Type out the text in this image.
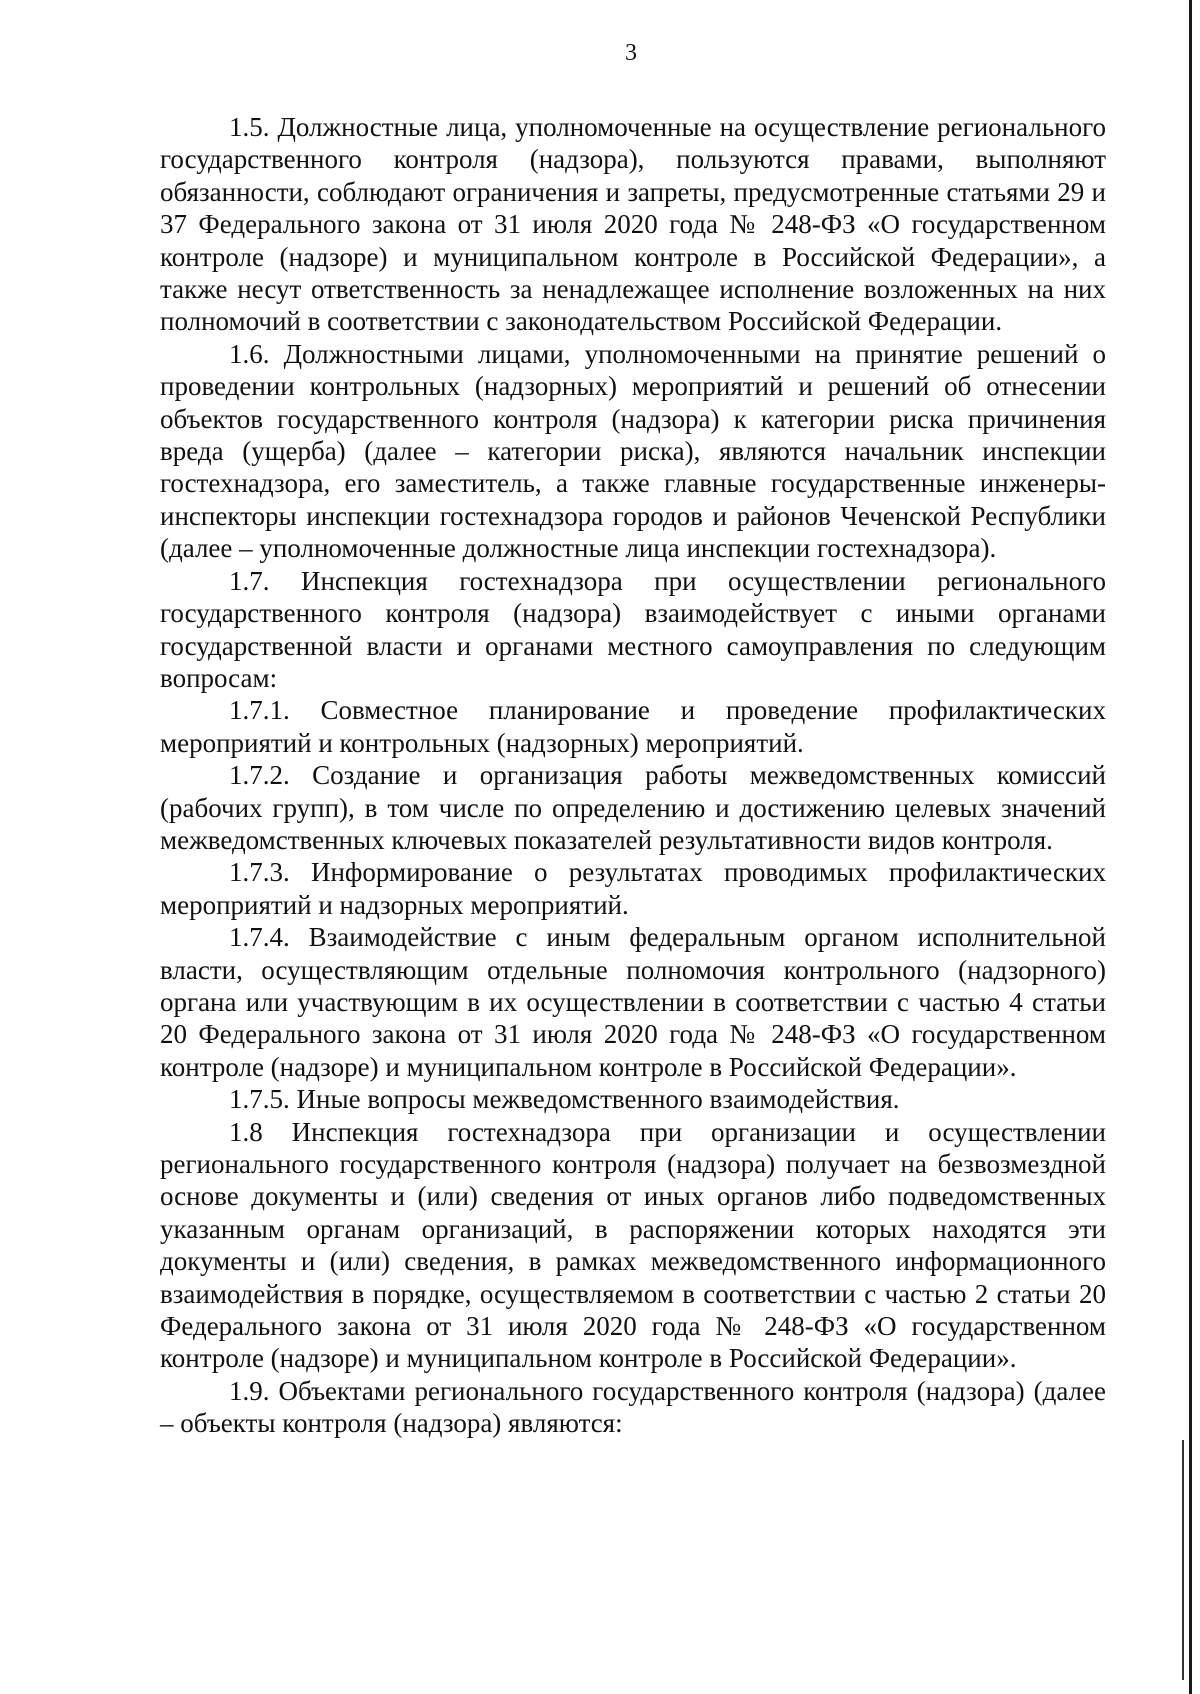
3

1.5. Должностные лица, уполномоченные на осуществление регионального государственного контроля (надзора), пользуются правами, выполняют обязанности, соблюдают ограничения и запреты, предусмотренные статьями 29 и 37 Федерального закона от 31 июля 2020 года № 248-ФЗ «О государственном контроле (надзоре) и муниципальном контроле в Российской Федерации», а также несут ответственность за ненадлежащее исполнение возложенных на них полномочий в соответствии с законодательством Российской Федерации.

1.6. Должностными лицами, уполномоченными на принятие решений о проведении контрольных (надзорных) мероприятий и решений об отнесении объектов государственного контроля (надзора) к категории риска причинения вреда (ущерба) (далее – категории риска), являются начальник инспекции гостехнадзора, его заместитель, а также главные государственные инженеры-инспекторы инспекции гостехнадзора городов и районов Чеченской Республики (далее – уполномоченные должностные лица инспекции гостехнадзора).

1.7. Инспекция гостехнадзора при осуществлении регионального государственного контроля (надзора) взаимодействует с иными органами государственной власти и органами местного самоуправления по следующим вопросам:

1.7.1. Совместное планирование и проведение профилактических мероприятий и контрольных (надзорных) мероприятий.

1.7.2. Создание и организация работы межведомственных комиссий (рабочих групп), в том числе по определению и достижению целевых значений межведомственных ключевых показателей результативности видов контроля.

1.7.3. Информирование о результатах проводимых профилактических мероприятий и надзорных мероприятий.

1.7.4. Взаимодействие с иным федеральным органом исполнительной власти, осуществляющим отдельные полномочия контрольного (надзорного) органа или участвующим в их осуществлении в соответствии с частью 4 статьи 20 Федерального закона от 31 июля 2020 года № 248-ФЗ «О государственном контроле (надзоре) и муниципальном контроле в Российской Федерации».

1.7.5. Иные вопросы межведомственного взаимодействия.

1.8 Инспекция гостехнадзора при организации и осуществлении регионального государственного контроля (надзора) получает на безвозмездной основе документы и (или) сведения от иных органов либо подведомственных указанным органам организаций, в распоряжении которых находятся эти документы и (или) сведения, в рамках межведомственного информационного взаимодействия в порядке, осуществляемом в соответствии с частью 2 статьи 20 Федерального закона от 31 июля 2020 года № 248-ФЗ «О государственном контроле (надзоре) и муниципальном контроле в Российской Федерации».

1.9. Объектами регионального государственного контроля (надзора) (далее – объекты контроля (надзора) являются:
